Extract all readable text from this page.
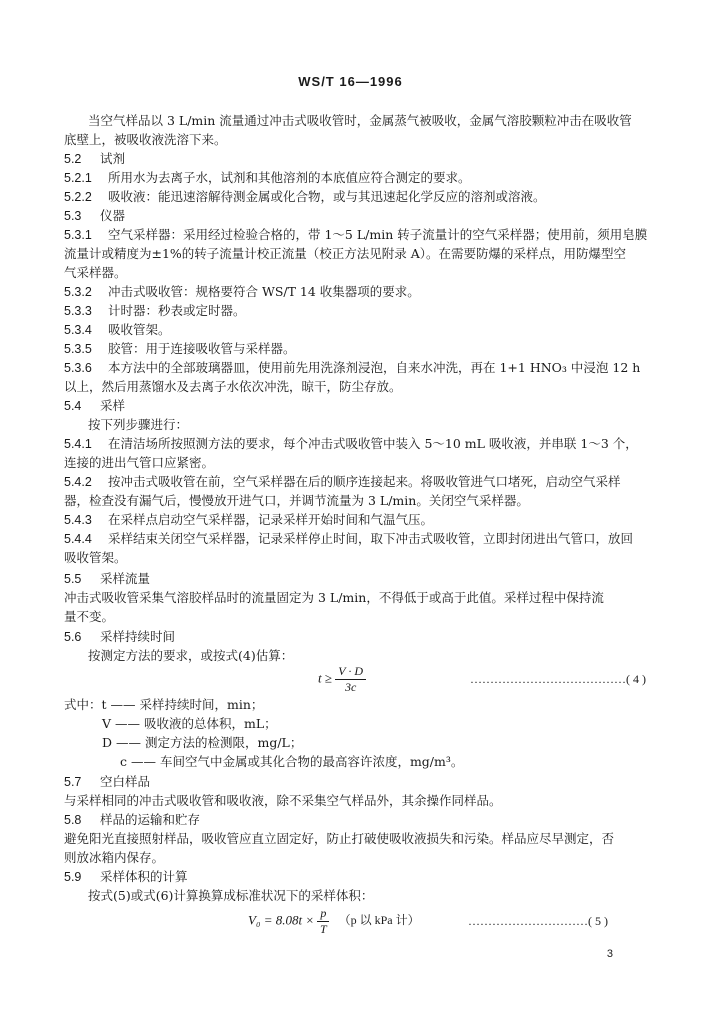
WS/T 16—1996
当空气样品以 3 L/min 流量通过冲击式吸收管时，金属蒸气被吸收，金属气溶胶颗粒冲击在吸收管
底壁上，被吸收液洗溶下来。
5.2 试剂
5.2.1 所用水为去离子水，试剂和其他溶剂的本底值应符合测定的要求。
5.2.2 吸收液：能迅速溶解待测金属或化合物，或与其迅速起化学反应的溶剂或溶液。
5.3 仪器
5.3.1 空气采样器：采用经过检验合格的，带 1～5 L/min 转子流量计的空气采样器；使用前，须用皂膜
流量计或精度为±1%的转子流量计校正流量（校正方法见附录 A）。在需要防爆的采样点，用防爆型空
气采样器。
5.3.2 冲击式吸收管：规格要符合 WS/T 14 收集器项的要求。
5.3.3 计时器：秒表或定时器。
5.3.4 吸收管架。
5.3.5 胶管：用于连接吸收管与采样器。
5.3.6 本方法中的全部玻璃器皿，使用前先用洗涤剂浸泡，自来水冲洗，再在 1+1 HNO₃ 中浸泡 12 h
以上，然后用蒸馏水及去离子水依次冲洗，晾干，防尘存放。
5.4 采样
按下列步骤进行：
5.4.1 在清洁场所按照测方法的要求，每个冲击式吸收管中装入 5～10 mL 吸收液，并串联 1～3 个，
连接的进出气管口应紧密。
5.4.2 按冲击式吸收管在前，空气采样器在后的顺序连接起来。将吸收管进气口堵死，启动空气采样
器，检查没有漏气后，慢慢放开进气口，并调节流量为 3 L/min。关闭空气采样器。
5.4.3 在采样点启动空气采样器，记录采样开始时间和气温气压。
5.4.4 采样结束关闭空气采样器，记录采样停止时间，取下冲击式吸收管，立即封闭进出气管口，放回
吸收管架。
5.5 采样流量
冲击式吸收管采集气溶胶样品时的流量固定为 3 L/min，不得低于或高于此值。采样过程中保持流
量不变。
5.6 采样持续时间
按测定方法的要求，或按式(4)估算：
$t \ge \frac{V \cdot D}{3c}$	…………………………………( 4 )
式中：t —— 采样持续时间，min；
V —— 吸收液的总体积，mL；
D —— 测定方法的检测限，mg/L；
c —— 车间空气中金属或其化合物的最高容许浓度，mg/m³。
5.7 空白样品
与采样相同的冲击式吸收管和吸收液，除不采集空气样品外，其余操作同样品。
5.8 样品的运输和贮存
避免阳光直接照射样品，吸收管应直立固定好，防止打破使吸收液损失和污染。样品应尽早测定，否
则放冰箱内保存。
5.9 采样体积的计算
按式(5)或式(6)计算换算成标准状况下的采样体积：
$V_0 = 8.08t \times \frac{p}{T} (p$ 以 kPa 计）	…………………………( 5 )
3
